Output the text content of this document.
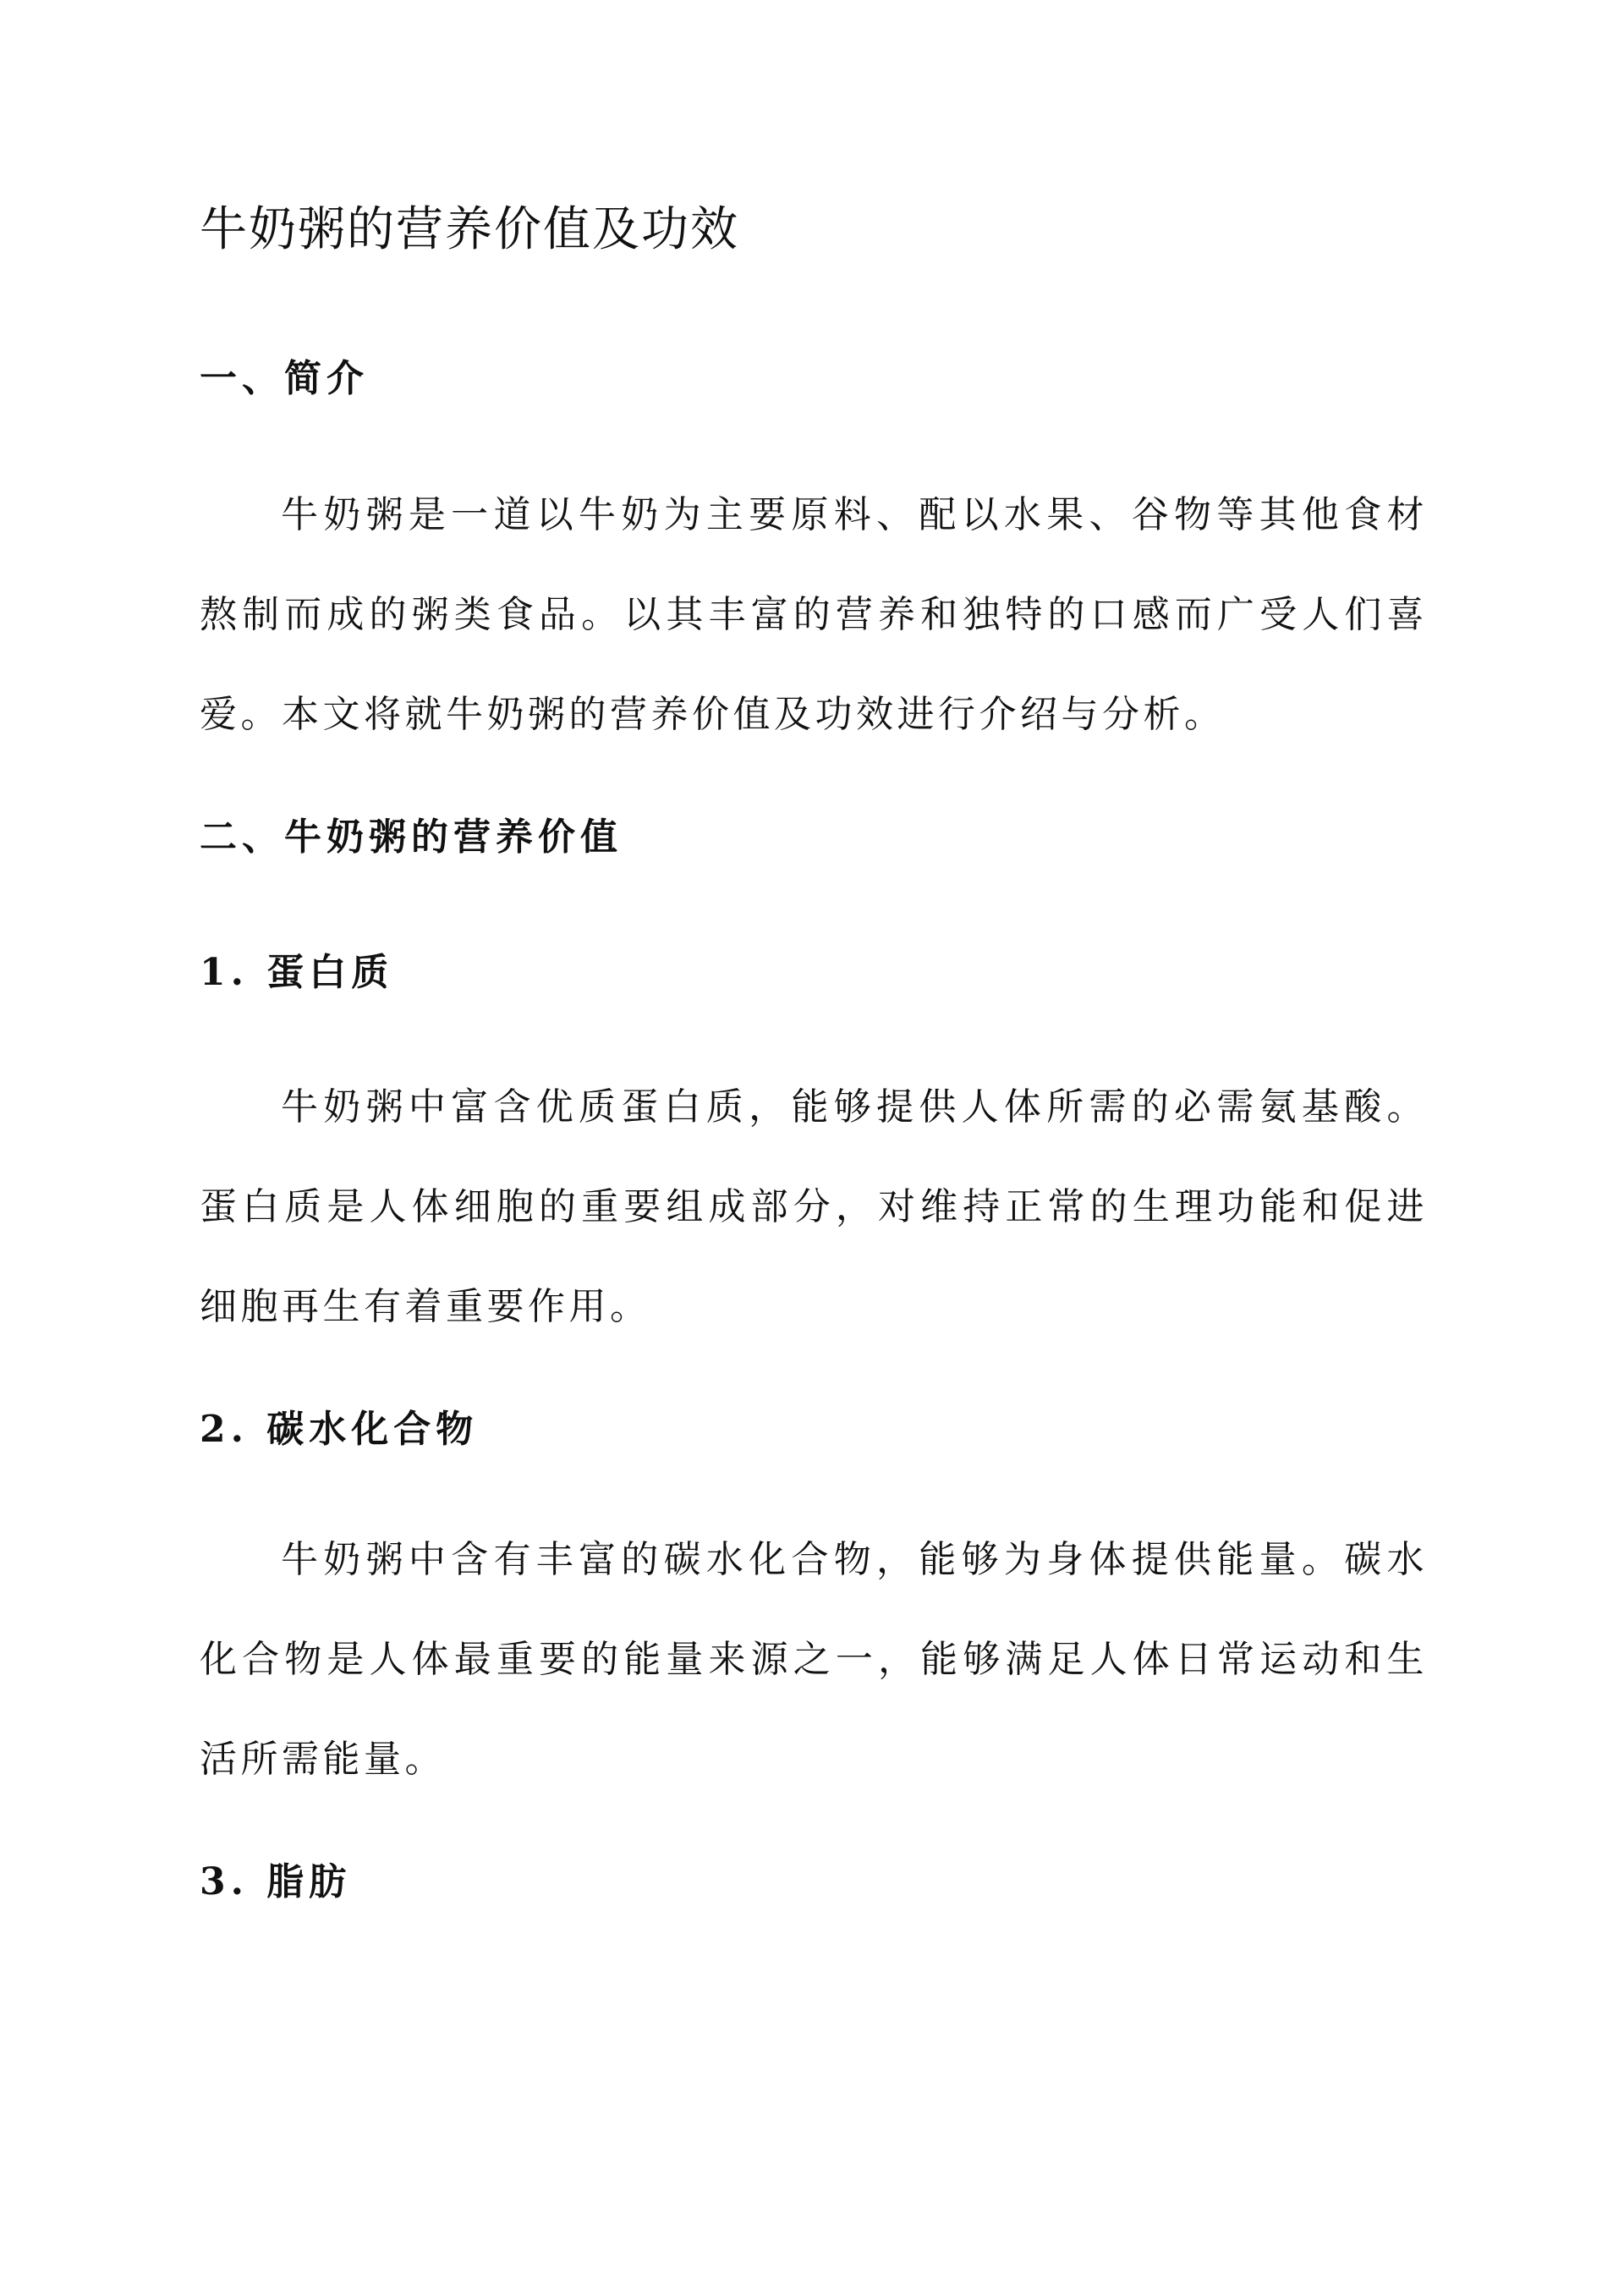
牛奶粥的营养价值及功效
一、简介
牛奶粥是一道以牛奶为主要原料、配以水果、谷物等其他食材熬制而成的粥类食品。以其丰富的营养和独特的口感而广受人们喜爱。本文将就牛奶粥的营养价值及功效进行介绍与分析。
二、牛奶粥的营养价值
1. 蛋白质
牛奶粥中富含优质蛋白质，能够提供人体所需的必需氨基酸。蛋白质是人体细胞的重要组成部分，对维持正常的生理功能和促进细胞再生有着重要作用。
2. 碳水化合物
牛奶粥中含有丰富的碳水化合物，能够为身体提供能量。碳水化合物是人体最重要的能量来源之一，能够满足人体日常运动和生活所需能量。
3. 脂肪
